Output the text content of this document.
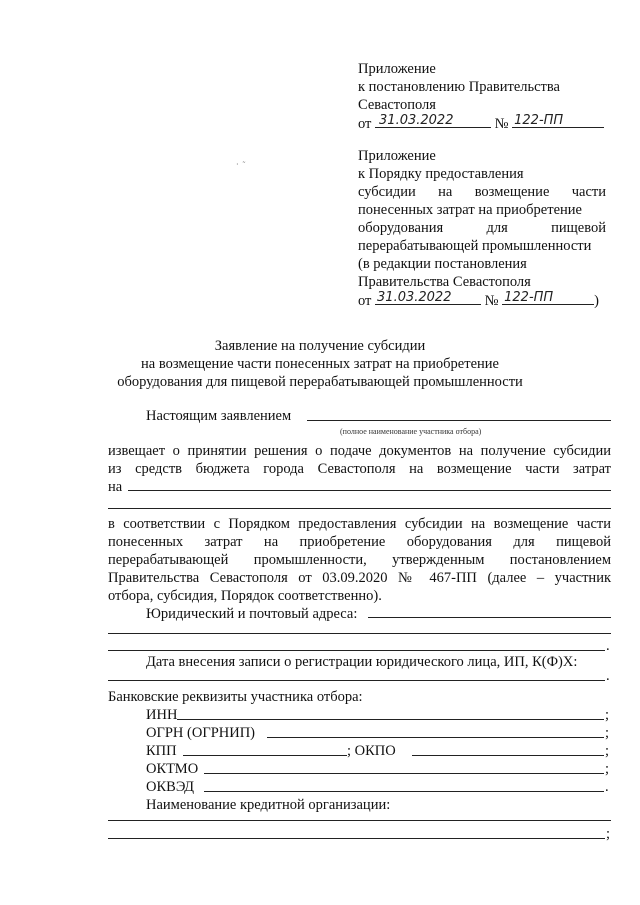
Приложение
к постановлению Правительства
Севастополя
от 31.03.2022	№ 122-ПП
·  ˜
Приложение
к Порядку предоставления
субсидии на возмещение части
понесенных затрат на приобретение
оборудования для пищевой
перерабатывающей промышленности
(в редакции постановления
Правительства Севастополя
от 31.03.2022 № 122-ПП	)
Заявление на получение субсидии
на возмещение части понесенных затрат на приобретение
оборудования для пищевой перерабатывающей промышленности
Настоящим заявлением
(полное наименование участника отбора)
извещает о принятии решения о подаче документов на получение субсидии
из средств бюджета города Севастополя на возмещение части затрат
на
в соответствии с Порядком предоставления субсидии на возмещение части
понесенных затрат на приобретение оборудования для пищевой
перерабатывающей промышленности, утвержденным постановлением
Правительства Севастополя от 03.09.2020 № 467-ПП (далее – участник
отбора, субсидия, Порядок соответственно).
Юридический и почтовый адреса:
.
Дата внесения записи о регистрации юридического лица, ИП, К(Ф)Х:
.
Банковские реквизиты участника отбора:
ИНН	;
ОГРН (ОГРНИП)	;
КПП	; ОКПО	;
ОКТМО	;
ОКВЭД	.
Наименование кредитной организации:
;
